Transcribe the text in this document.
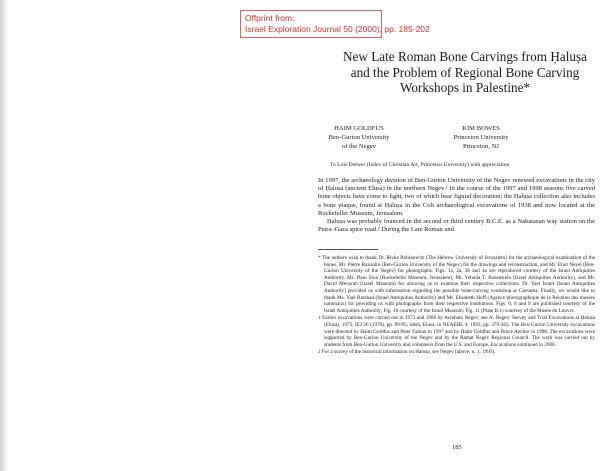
Offprint from:
Israel Exploration Journal 50 (2000), pp. 185-202
New Late Roman Bone Carvings from Ḥaluṣa
and the Problem of Regional Bone Carving
Workshops in Palestine*
HAIM GOLDFUS
Ben-Gurion University
of the Negev
KIM BOWES
Princeton University
Princeton, NJ
To Lois Drewer (Index of Christian Art, Princeton University) with appreciation

In 1997, the archaeology division of Ben-Gurion University of the Negev renewed excavations in the city of Ḥaluṣa (ancient Elusa) in the northern Negev.¹ In the course of the 1997 and 1998 seasons five carved bone objects have come to light, two of which bear figural decoration; the Ḥaluṣa collection also includes a bone plaque, found at Ḥaluṣa in the Colt archaeological excavations of 1938 and now located at the Rockefeller Museum, Jerusalem.

Ḥaluṣa was probably founced in the second or third century B.C.E. as a Nabataean way station on the Petra–Gaza spice road.² During the Late Roman and

* The authors wish to thank Dr. Rivka Rubinowitz (The Hebrew University of Jerusalem) for the archaeological examination of the bones, Mr. Pierre Razoulin (Ben-Gurion University of the Negev) for the drawings and reconstruction, and Mr. Eliot Neyel (Ben-Gurion University of the Negev) for photographs. Figs. 1a, 2a, 3b and 4a are reproduced courtesy of the Israel Antiquities Authority. Mr. Dani Sion (Rockefeller Museum, Jerusalem), Mr. Yehuda T. Rosenstein (Israel Antiquities Authority), and Mr. David Mevorah (Israel Museum) for allowing us to examine their respective collections. Dr. Yael Israel (Israel Antiquities Authority) provided us with information regarding the possible bone-carving workshop at Caesarea. Finally, we would like to thank Ms. Yael Barshad (Israel Antiquities Authority) and Mr. Elisabeth Hoff (Agence photographique de la Réunion des musées nationaux) for providing us with photographs from their respective institutions. Figs. 6, 8 and 9 are published courtesy of the Israel Antiquities Authority; Fig. 10 courtesy of the Israel Museum; Fig. 11 (Plate B.1) courtesy of the Musée du Louvre.

1 Earlier excavations were carried out in 1973 and 1980 by Avraham Negev; see A. Negev: Survey and Trial Excavations at Ḥaluṣa (Elusa), 1973, IEJ 26 (1976), pp. 89-95; idem, Elusa, in NEAEHL 4, 1993, pp. 379-383. The Ben-Gurion University excavations were directed by Haim Goldfus and Peter Fabian in 1997 and by Haim Goldfus and Bruce Anchor in 1998. The excavations were supported by Ben-Gurion University of the Negev and by the Ramat Negev Regional Council. The work was carried out by students from Ben-Gurion University and volunteers from the U.S. and Europe. Excavations continued in 2000.

2 For a survey of the historical information on Ḥaluṣa, see Negev (above, n. 1, 1993).

185
